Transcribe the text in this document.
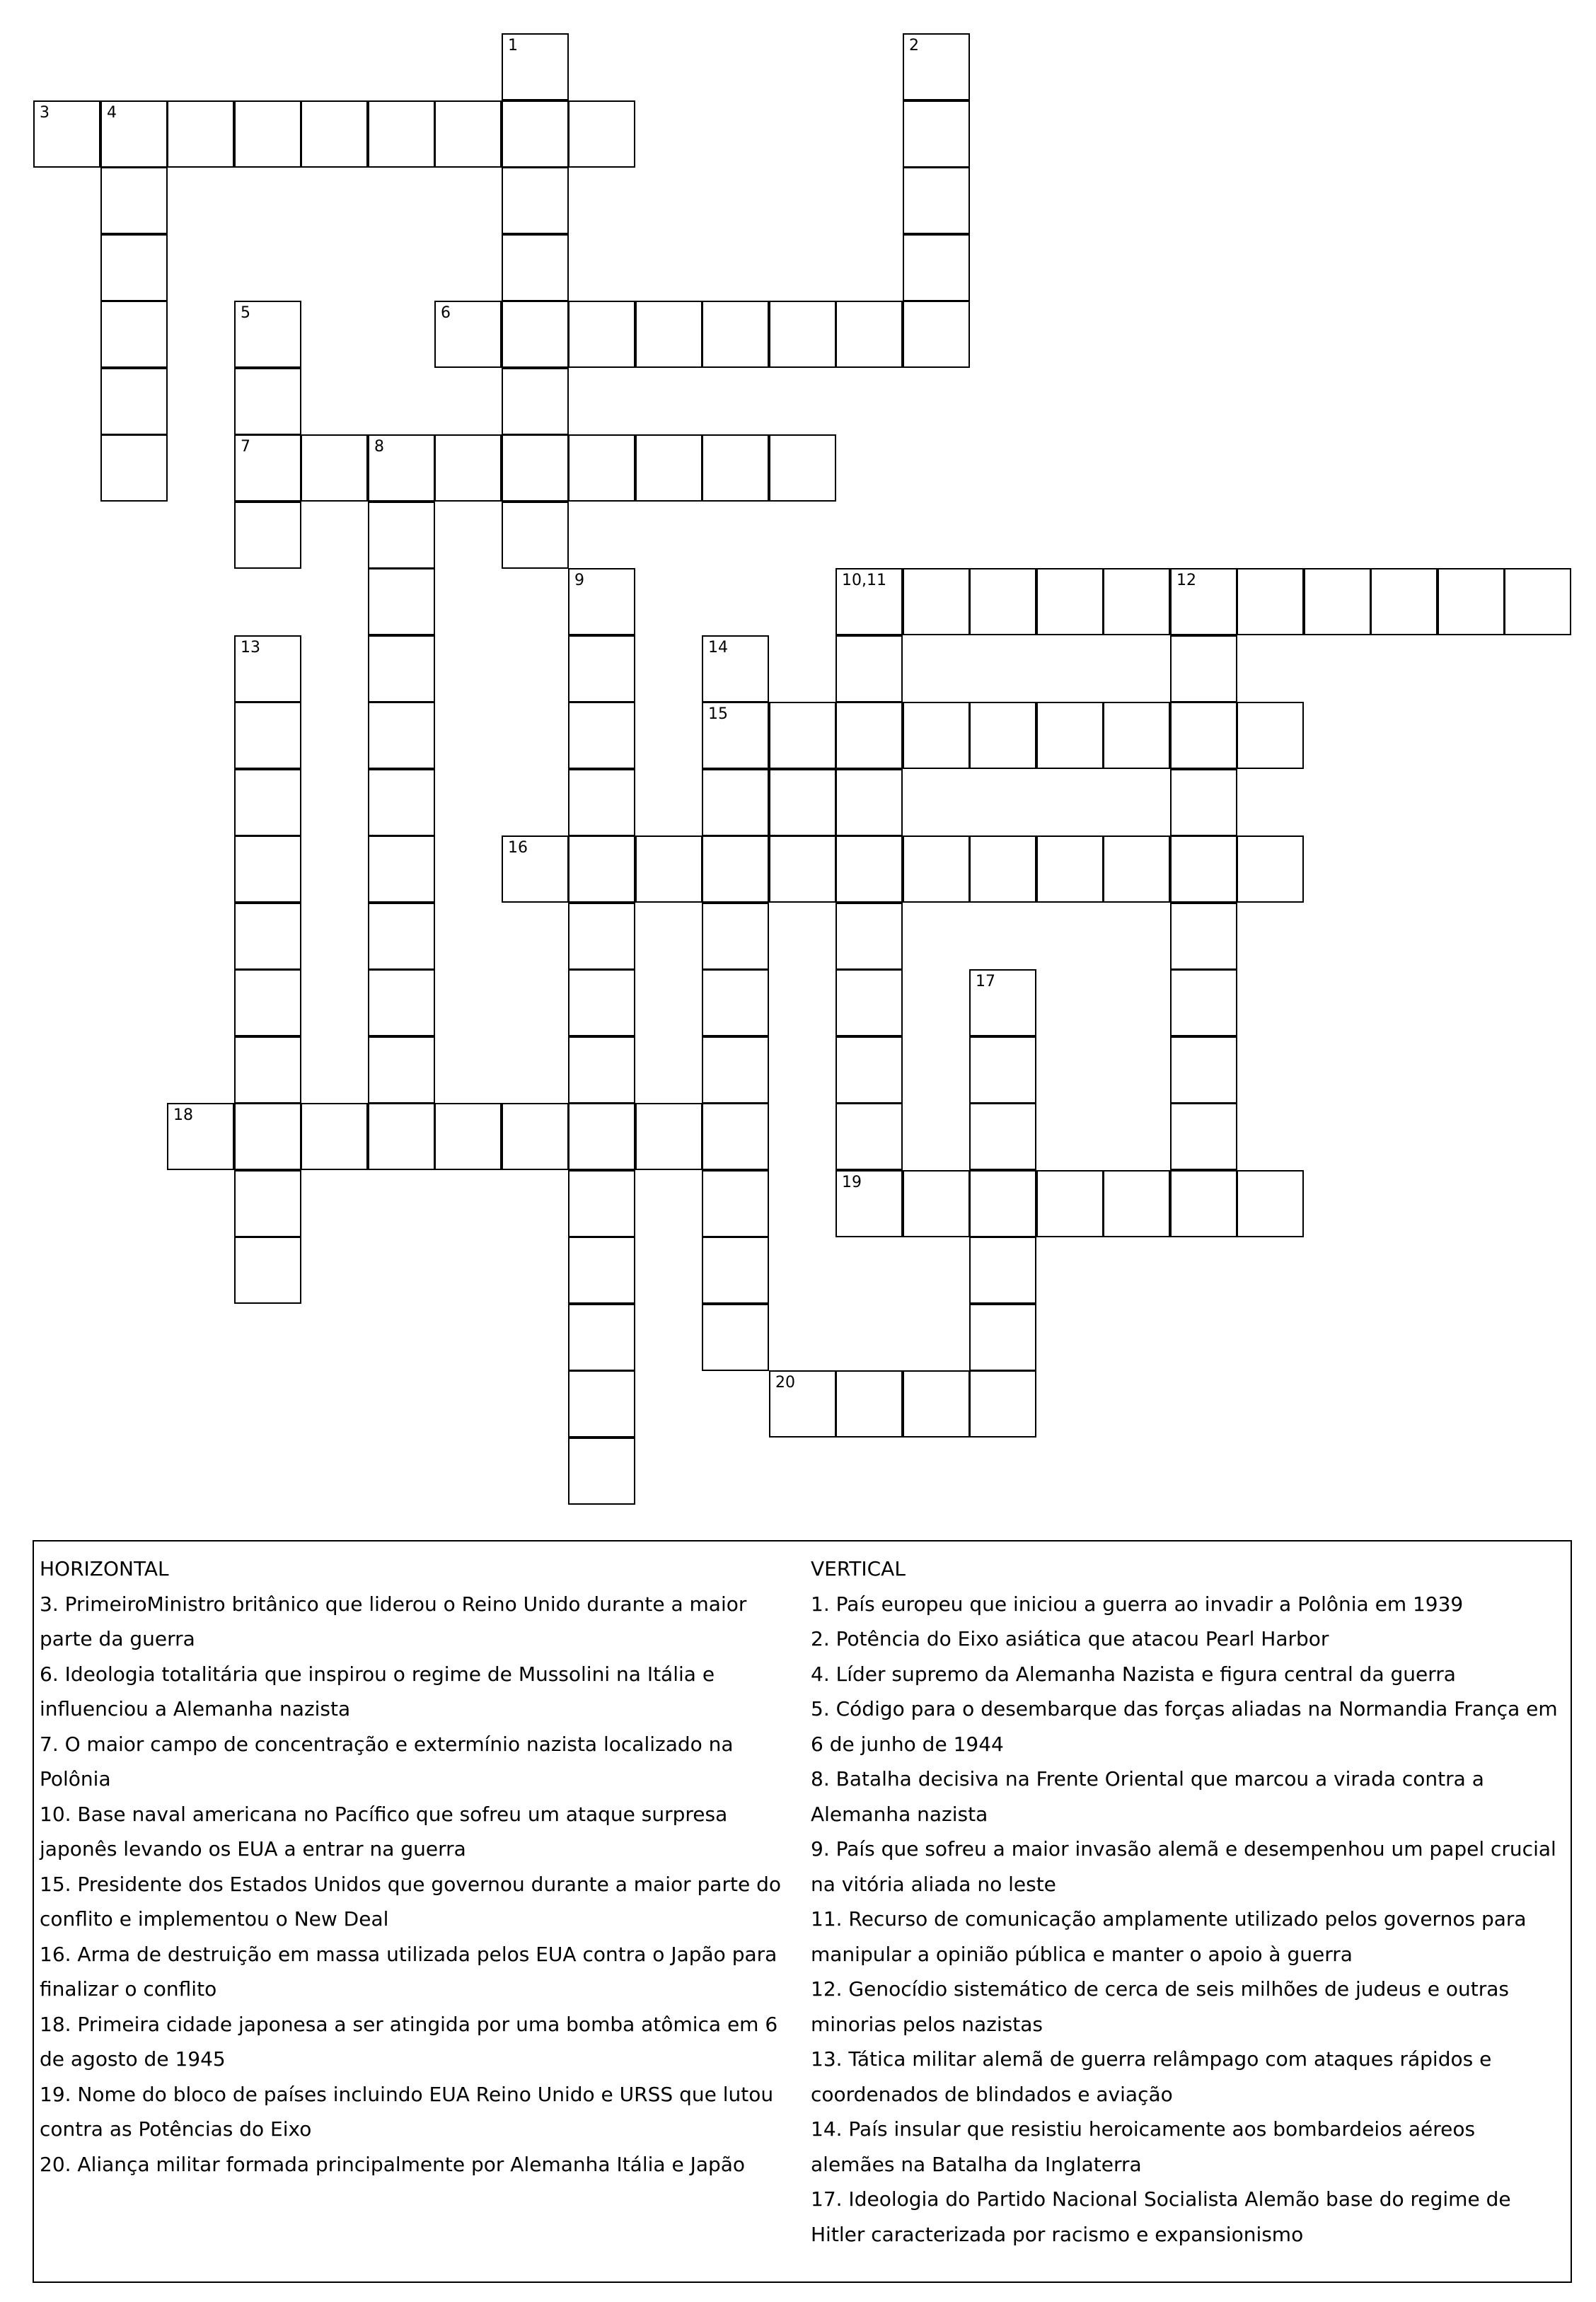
1	2
3	4
5	6
7	8
9	10,11	12
13	14
15
16
17
18
19
20

HORIZONTAL

3. PrimeiroMinistro britânico que liderou o Reino Unido durante a maior parte da guerra

6. Ideologia totalitária que inspirou o regime de Mussolini na Itália e influenciou a Alemanha nazista

7. O maior campo de concentração e extermínio nazista localizado na Polônia

10. Base naval americana no Pacífico que sofreu um ataque surpresa japonês levando os EUA a entrar na guerra

15. Presidente dos Estados Unidos que governou durante a maior parte do conflito e implementou o New Deal

16. Arma de destruição em massa utilizada pelos EUA contra o Japão para finalizar o conflito

18. Primeira cidade japonesa a ser atingida por uma bomba atômica em 6 de agosto de 1945

19. Nome do bloco de países incluindo EUA Reino Unido e URSS que lutou contra as Potências do Eixo

20. Aliança militar formada principalmente por Alemanha Itália e Japão

VERTICAL

1. País europeu que iniciou a guerra ao invadir a Polônia em 1939

2. Potência do Eixo asiática que atacou Pearl Harbor

4. Líder supremo da Alemanha Nazista e figura central da guerra

5. Código para o desembarque das forças aliadas na Normandia França em 6 de junho de 1944

8. Batalha decisiva na Frente Oriental que marcou a virada contra a Alemanha nazista

9. País que sofreu a maior invasão alemã e desempenhou um papel crucial na vitória aliada no leste

11. Recurso de comunicação amplamente utilizado pelos governos para manipular a opinião pública e manter o apoio à guerra

12. Genocídio sistemático de cerca de seis milhões de judeus e outras minorias pelos nazistas

13. Tática militar alemã de guerra relâmpago com ataques rápidos e coordenados de blindados e aviação

14. País insular que resistiu heroicamente aos bombardeios aéreos alemães na Batalha da Inglaterra

17. Ideologia do Partido Nacional Socialista Alemão base do regime de Hitler caracterizada por racismo e expansionismo
